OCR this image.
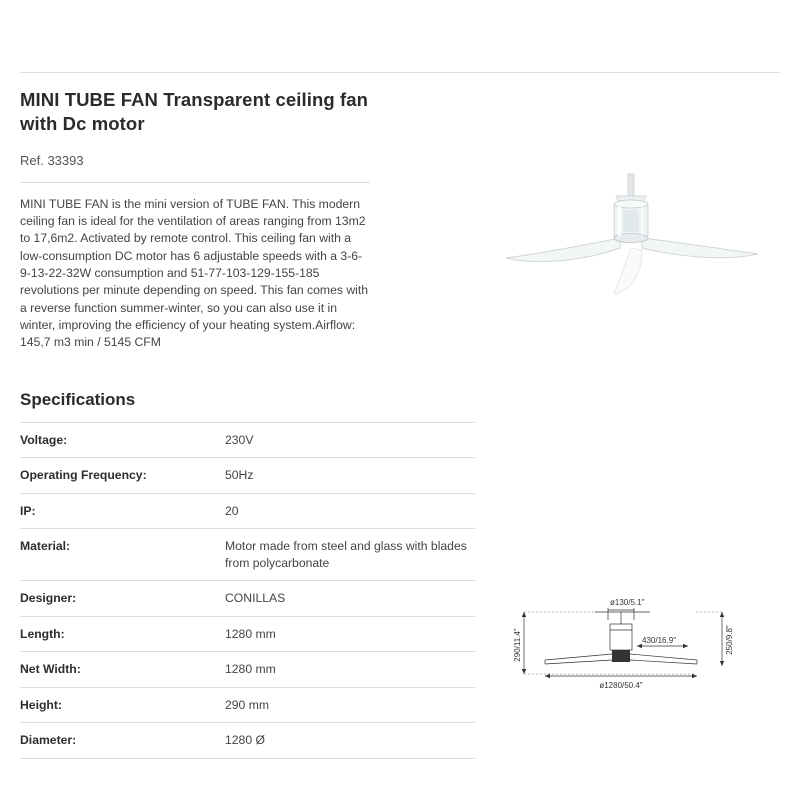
MINI TUBE FAN Transparent ceiling fan with Dc motor
Ref. 33393

MINI TUBE FAN is the mini version of TUBE FAN. This modern ceiling fan is ideal for the ventilation of areas ranging from 13m2 to 17,6m2. Activated by remote control. This ceiling fan with a low-consumption DC motor has 6 adjustable speeds with a 3-6-9-13-22-32W consumption and 51-77-103-129-155-185 revolutions per minute depending on speed. This fan comes with a reverse function summer-winter, so you can also use it in winter, improving the efficiency of your heating system.Airflow: 145,7 m3 min / 5145 CFM

Specifications
Voltage:	230V
Operating Frequency:	50Hz
IP:	20
Material:	Motor made from steel and glass with blades from polycarbonate
Designer:	CONILLAS
Length:	1280 mm
Net Width:	1280 mm
Height:	290 mm
Diameter:	1280 Ø
ø130/5.1"
430/16.9"
290/11.4"	250/9.8"
ø1280/50.4"
